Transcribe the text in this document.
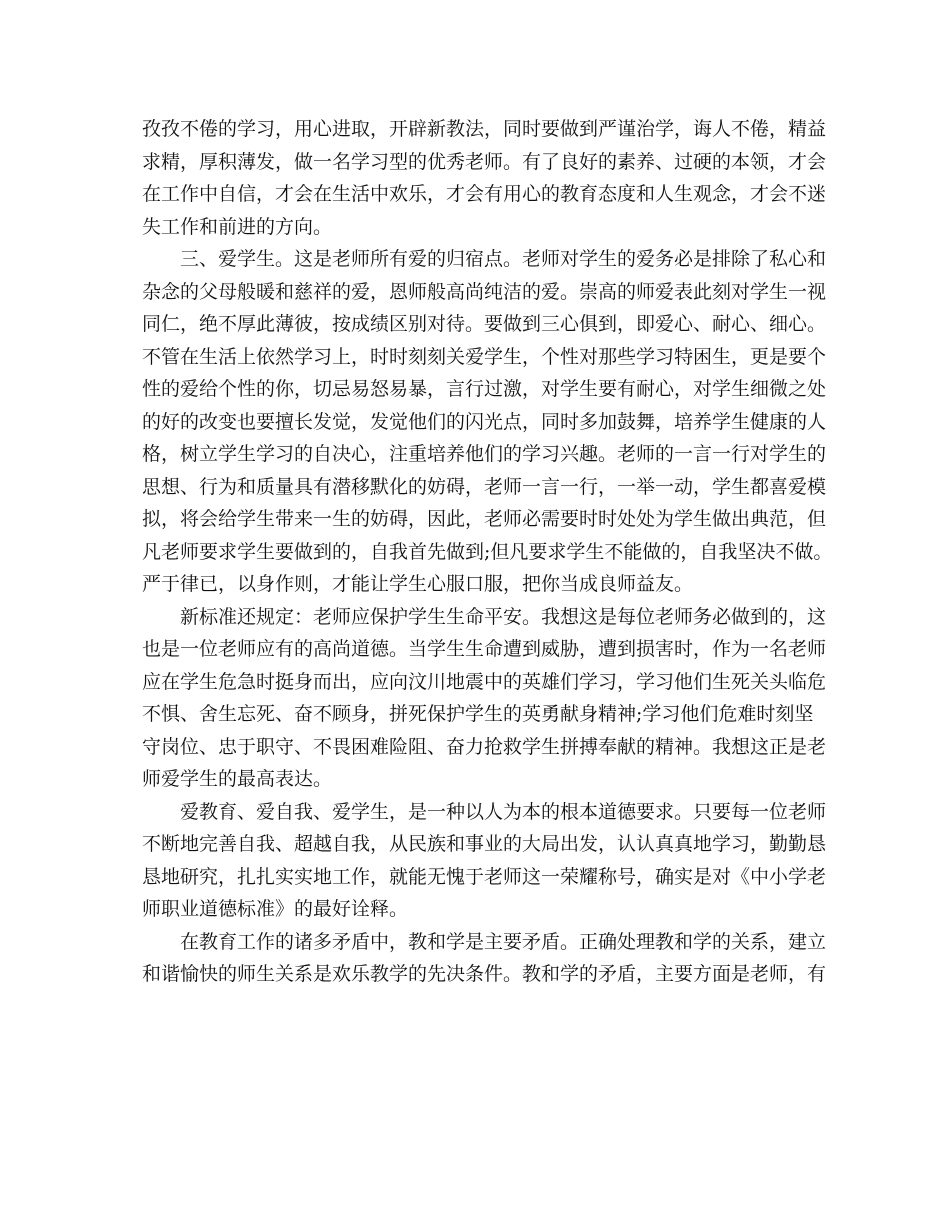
孜孜不倦的学习，用心进取，开辟新教法，同时要做到严谨治学，诲人不倦，精益
求精，厚积薄发，做一名学习型的优秀老师。有了良好的素养、过硬的本领，才会
在工作中自信，才会在生活中欢乐，才会有用心的教育态度和人生观念，才会不迷
失工作和前进的方向。
　　三、爱学生。这是老师所有爱的归宿点。老师对学生的爱务必是排除了私心和
杂念的父母般暖和慈祥的爱，恩师般高尚纯洁的爱。崇高的师爱表此刻对学生一视
同仁，绝不厚此薄彼，按成绩区别对待。要做到三心俱到，即爱心、耐心、细心。
不管在生活上依然学习上，时时刻刻关爱学生，个性对那些学习特困生，更是要个
性的爱给个性的你，切忌易怒易暴，言行过激，对学生要有耐心，对学生细微之处
的好的改变也要擅长发觉，发觉他们的闪光点，同时多加鼓舞，培养学生健康的人
格，树立学生学习的自决心，注重培养他们的学习兴趣。老师的一言一行对学生的
思想、行为和质量具有潜移默化的妨碍，老师一言一行，一举一动，学生都喜爱模
拟，将会给学生带来一生的妨碍，因此，老师必需要时时处处为学生做出典范，但
凡老师要求学生要做到的，自我首先做到;但凡要求学生不能做的，自我坚决不做。
严于律已，以身作则，才能让学生心服口服，把你当成良师益友。
　　新标准还规定：老师应保护学生生命平安。我想这是每位老师务必做到的，这
也是一位老师应有的高尚道德。当学生生命遭到威胁，遭到损害时，作为一名老师
应在学生危急时挺身而出，应向汶川地震中的英雄们学习，学习他们生死关头临危
不惧、舍生忘死、奋不顾身，拼死保护学生的英勇献身精神;学习他们危难时刻坚
守岗位、忠于职守、不畏困难险阻、奋力抢救学生拼搏奉献的精神。我想这正是老
师爱学生的最高表达。
　　爱教育、爱自我、爱学生，是一种以人为本的根本道德要求。只要每一位老师
不断地完善自我、超越自我，从民族和事业的大局出发，认认真真地学习，勤勤恳
恳地研究，扎扎实实地工作，就能无愧于老师这一荣耀称号，确实是对《中小学老
师职业道德标准》的最好诠释。
　　在教育工作的诸多矛盾中，教和学是主要矛盾。正确处理教和学的关系，建立
和谐愉快的师生关系是欢乐教学的先决条件。教和学的矛盾，主要方面是老师，有
